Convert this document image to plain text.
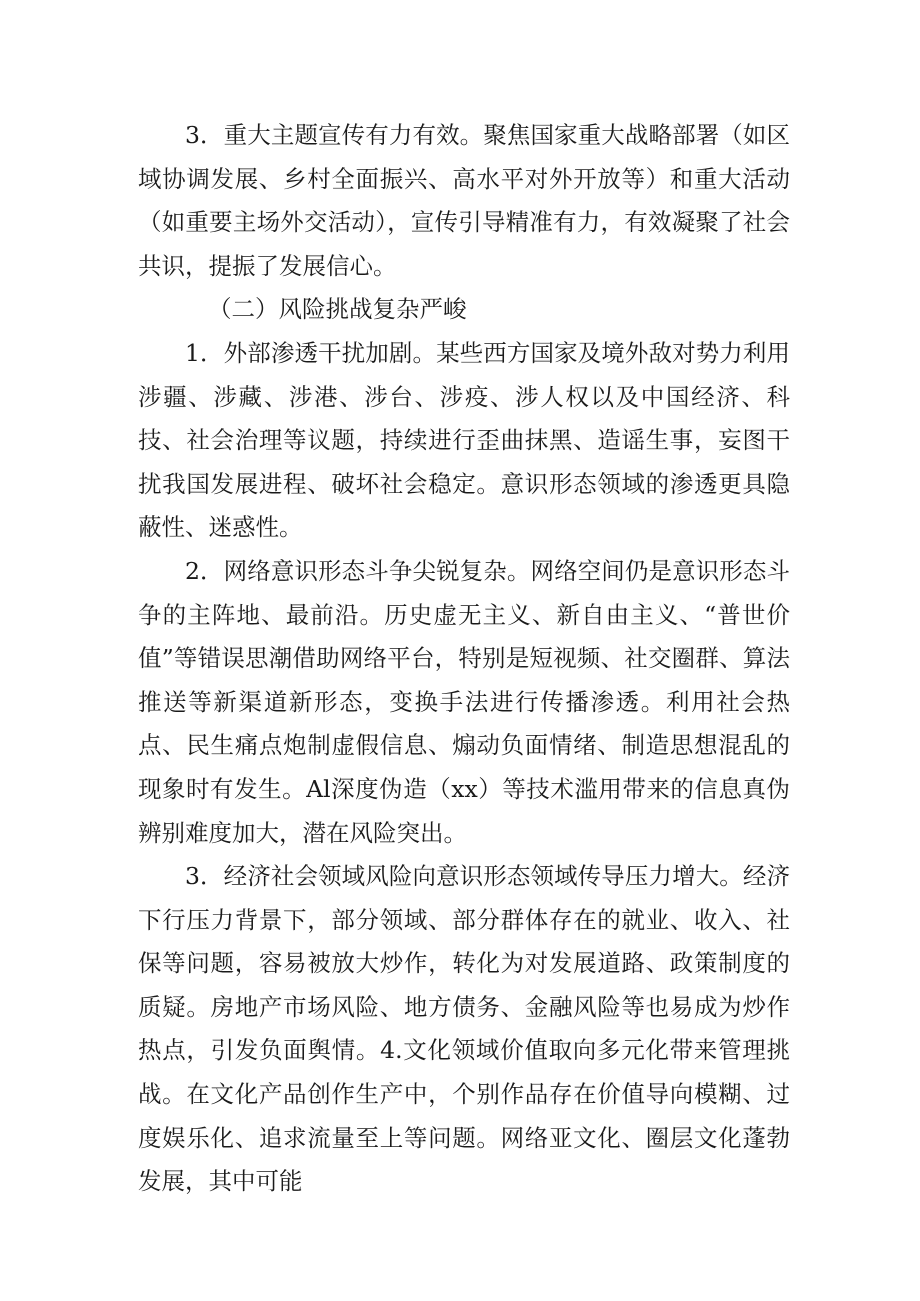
3．重大主题宣传有力有效。聚焦国家重大战略部署（如区域协调发展、乡村全面振兴、高水平对外开放等）和重大活动（如重要主场外交活动），宣传引导精准有力，有效凝聚了社会共识，提振了发展信心。

（二）风险挑战复杂严峻

1．外部渗透干扰加剧。某些西方国家及境外敌对势力利用涉疆、涉藏、涉港、涉台、涉疫、涉人权以及中国经济、科技、社会治理等议题，持续进行歪曲抹黑、造谣生事，妄图干扰我国发展进程、破坏社会稳定。意识形态领域的渗透更具隐蔽性、迷惑性。

2．网络意识形态斗争尖锐复杂。网络空间仍是意识形态斗争的主阵地、最前沿。历史虚无主义、新自由主义、“普世价值”等错误思潮借助网络平台，特别是短视频、社交圈群、算法推送等新渠道新形态，变换手法进行传播渗透。利用社会热点、民生痛点炮制虚假信息、煽动负面情绪、制造思想混乱的现象时有发生。Al深度伪造（xx）等技术滥用带来的信息真伪辨别难度加大，潜在风险突出。

3．经济社会领域风险向意识形态领域传导压力增大。经济下行压力背景下，部分领域、部分群体存在的就业、收入、社保等问题，容易被放大炒作，转化为对发展道路、政策制度的质疑。房地产市场风险、地方债务、金融风险等也易成为炒作热点，引发负面舆情。4.文化领域价值取向多元化带来管理挑战。在文化产品创作生产中，个别作品存在价值导向模糊、过度娱乐化、追求流量至上等问题。网络亚文化、圈层文化蓬勃发展，其中可能
